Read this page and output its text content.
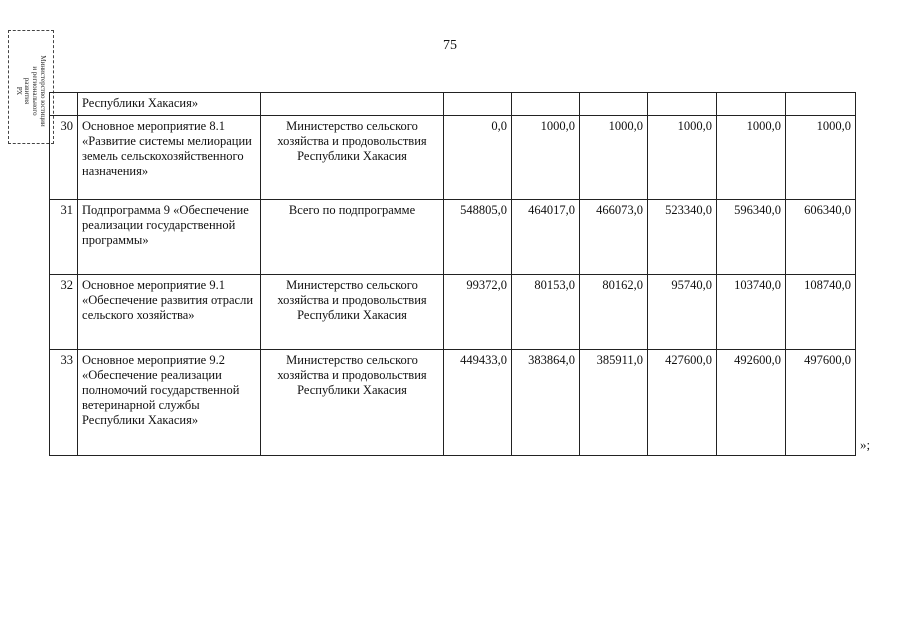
75
Министерство юстиции
и регионального
развития
РХ
	Республики Хакасия»							
30	Основное мероприятие 8.1 «Развитие системы мелиорации земель сельскохозяйственного назначения»	Министерство сельского хозяйства и продовольствия Республики Хакасия	0,0	1000,0	1000,0	1000,0	1000,0	1000,0
31	Подпрограмма 9 «Обеспечение реализации государственной программы»	Всего по подпрограмме	548805,0	464017,0	466073,0	523340,0	596340,0	606340,0
32	Основное мероприятие 9.1 «Обеспечение развития отрасли сельского хозяйства»	Министерство сельского хозяйства и продовольствия Республики Хакасия	99372,0	80153,0	80162,0	95740,0	103740,0	108740,0
33	Основное мероприятие 9.2 «Обеспечение реализации полномочий государственной ветеринарной службы Республики Хакасия»	Министерство сельского хозяйства и продовольствия Республики Хакасия	449433,0	383864,0	385911,0	427600,0	492600,0	497600,0
»;
